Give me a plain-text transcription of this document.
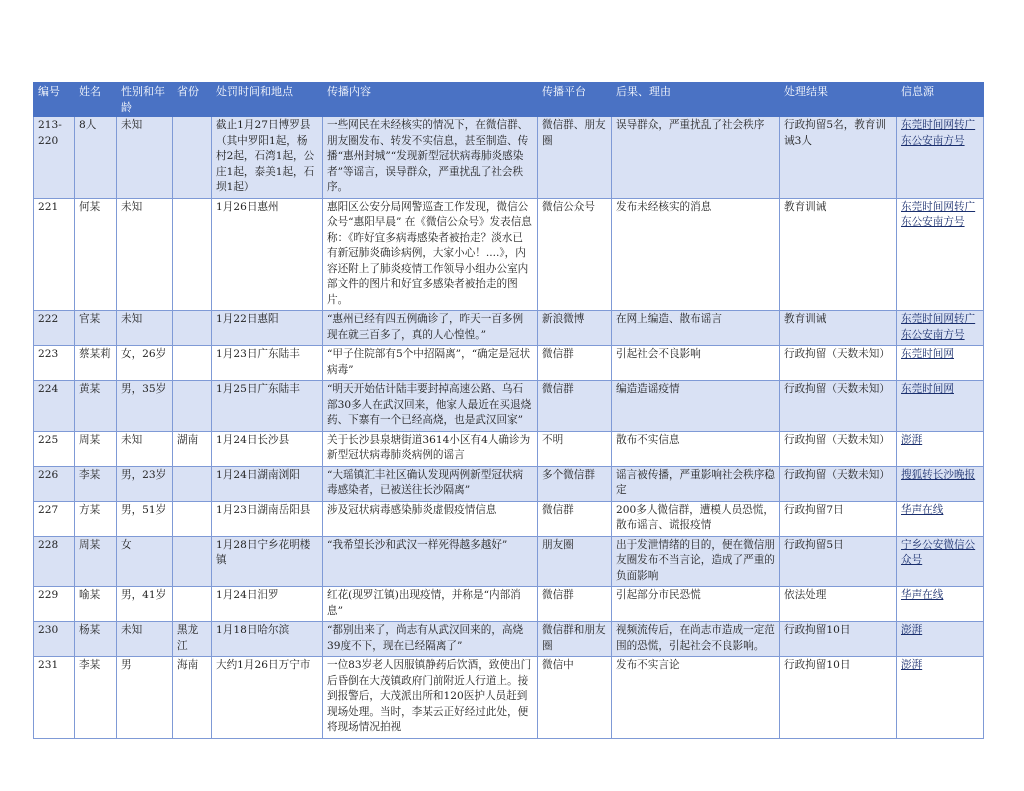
编号	姓名	性别和年龄	省份	处罚时间和地点	传播内容	传播平台	后果、理由	处理结果	信息源
213-220	8人	未知		截止1月27日博罗县（其中罗阳1起，杨村2起，石湾1起，公庄1起，泰美1起，石坝1起）	一些网民在未经核实的情况下，在微信群、朋友圈发布、转发不实信息，甚至制造、传播“惠州封城”“发现新型冠状病毒肺炎感染者”等谣言，误导群众，严重扰乱了社会秩序。	微信群、朋友圈	误导群众，严重扰乱了社会秩序	行政拘留5名，教育训诫3人	东莞时间网转广东公安南方号
221	何某	未知		1月26日惠州	惠阳区公安分局网警巡查工作发现，微信公众号“惠阳早晨” 在《微信公众号》发表信息称：《昨好宜多病毒感染者被抬走？淡水已有新冠肺炎确诊病例，大家小心！....》，内容还附上了肺炎疫情工作领导小组办公室内部文件的图片和好宜多感染者被抬走的图片。	微信公众号	发布未经核实的消息	教育训诫	东莞时间网转广东公安南方号
222	官某	未知		1月22日惠阳	“惠州已经有四五例确诊了，昨天一百多例现在就三百多了，真的人心惶惶。”	新浪微博	在网上编造、散布谣言	教育训诫	东莞时间网转广东公安南方号
223	蔡某莉	女，26岁		1月23日广东陆丰	“甲子住院部有5个中招隔离”，“确定是冠状病毒”	微信群	引起社会不良影响	行政拘留（天数未知）	东莞时间网
224	黄某	男，35岁		1月25日广东陆丰	“明天开始估计陆丰要封掉高速公路、乌石部30多人在武汉回来，他家人最近在买退烧药、下寨有一个已经高烧，也是武汉回家”	微信群	编造造谣疫情	行政拘留（天数未知）	东莞时间网
225	周某	未知	湖南	1月24日长沙县	关于长沙县泉塘街道3614小区有4人确诊为新型冠状病毒肺炎病例的谣言	不明	散布不实信息	行政拘留（天数未知）	澎湃
226	李某	男，23岁		1月24日湖南浏阳	“大瑶镇汇丰社区确认发现两例新型冠状病毒感染者，已被送往长沙隔离”	多个微信群	谣言被传播，严重影响社会秩序稳定	行政拘留（天数未知）	搜狐转长沙晚报
227	方某	男，51岁		1月23日湖南岳阳县	涉及冠状病毒感染肺炎虚假疫情信息	微信群	200多人微信群，遭模人员恐慌，散布谣言、谎报疫情	行政拘留7日	华声在线
228	周某	女		1月28日宁乡花明楼镇	“我希望长沙和武汉一样死得越多越好”	朋友圈	出于发泄情绪的目的，便在微信朋友圈发布不当言论，造成了严重的负面影响	行政拘留5日	宁乡公安微信公众号
229	喻某	男，41岁		1月24日汨罗	红花(现罗江镇)出现疫情，并称是“内部消息”	微信群	引起部分市民恐慌	依法处理	华声在线
230	杨某	未知	黑龙江	1月18日哈尔滨	“都别出来了，尚志有从武汉回来的，高烧39度不下，现在已经隔离了”	微信群和朋友圈	视频流传后，在尚志市造成一定范围的恐慌，引起社会不良影响。	行政拘留10日	澎湃
231	李某	男	海南	大约1月26日万宁市	一位83岁老人因服镇静药后饮酒，致使出门后昏倒在大茂镇政府门前附近人行道上。接到报警后，大茂派出所和120医护人员赶到现场处理。当时，李某云正好经过此处，便将现场情况拍视	微信中	发布不实言论	行政拘留10日	澎湃
